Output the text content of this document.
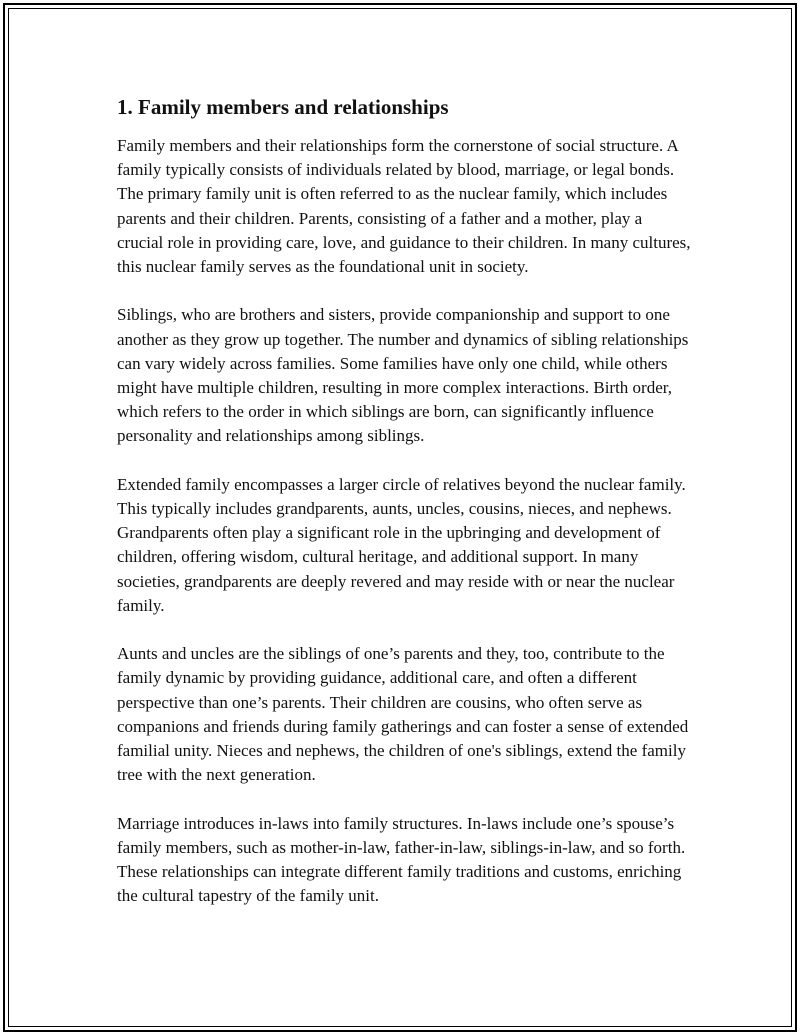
1. Family members and relationships

Family members and their relationships form the cornerstone of social structure. A family typically consists of individuals related by blood, marriage, or legal bonds. The primary family unit is often referred to as the nuclear family, which includes parents and their children. Parents, consisting of a father and a mother, play a crucial role in providing care, love, and guidance to their children. In many cultures, this nuclear family serves as the foundational unit in society.

Siblings, who are brothers and sisters, provide companionship and support to one another as they grow up together. The number and dynamics of sibling relationships can vary widely across families. Some families have only one child, while others might have multiple children, resulting in more complex interactions. Birth order, which refers to the order in which siblings are born, can significantly influence personality and relationships among siblings.

Extended family encompasses a larger circle of relatives beyond the nuclear family. This typically includes grandparents, aunts, uncles, cousins, nieces, and nephews. Grandparents often play a significant role in the upbringing and development of children, offering wisdom, cultural heritage, and additional support. In many societies, grandparents are deeply revered and may reside with or near the nuclear family.

Aunts and uncles are the siblings of one’s parents and they, too, contribute to the family dynamic by providing guidance, additional care, and often a different perspective than one’s parents. Their children are cousins, who often serve as companions and friends during family gatherings and can foster a sense of extended familial unity. Nieces and nephews, the children of one's siblings, extend the family tree with the next generation.

Marriage introduces in-laws into family structures. In-laws include one’s spouse’s family members, such as mother-in-law, father-in-law, siblings-in-law, and so forth. These relationships can integrate different family traditions and customs, enriching the cultural tapestry of the family unit.
